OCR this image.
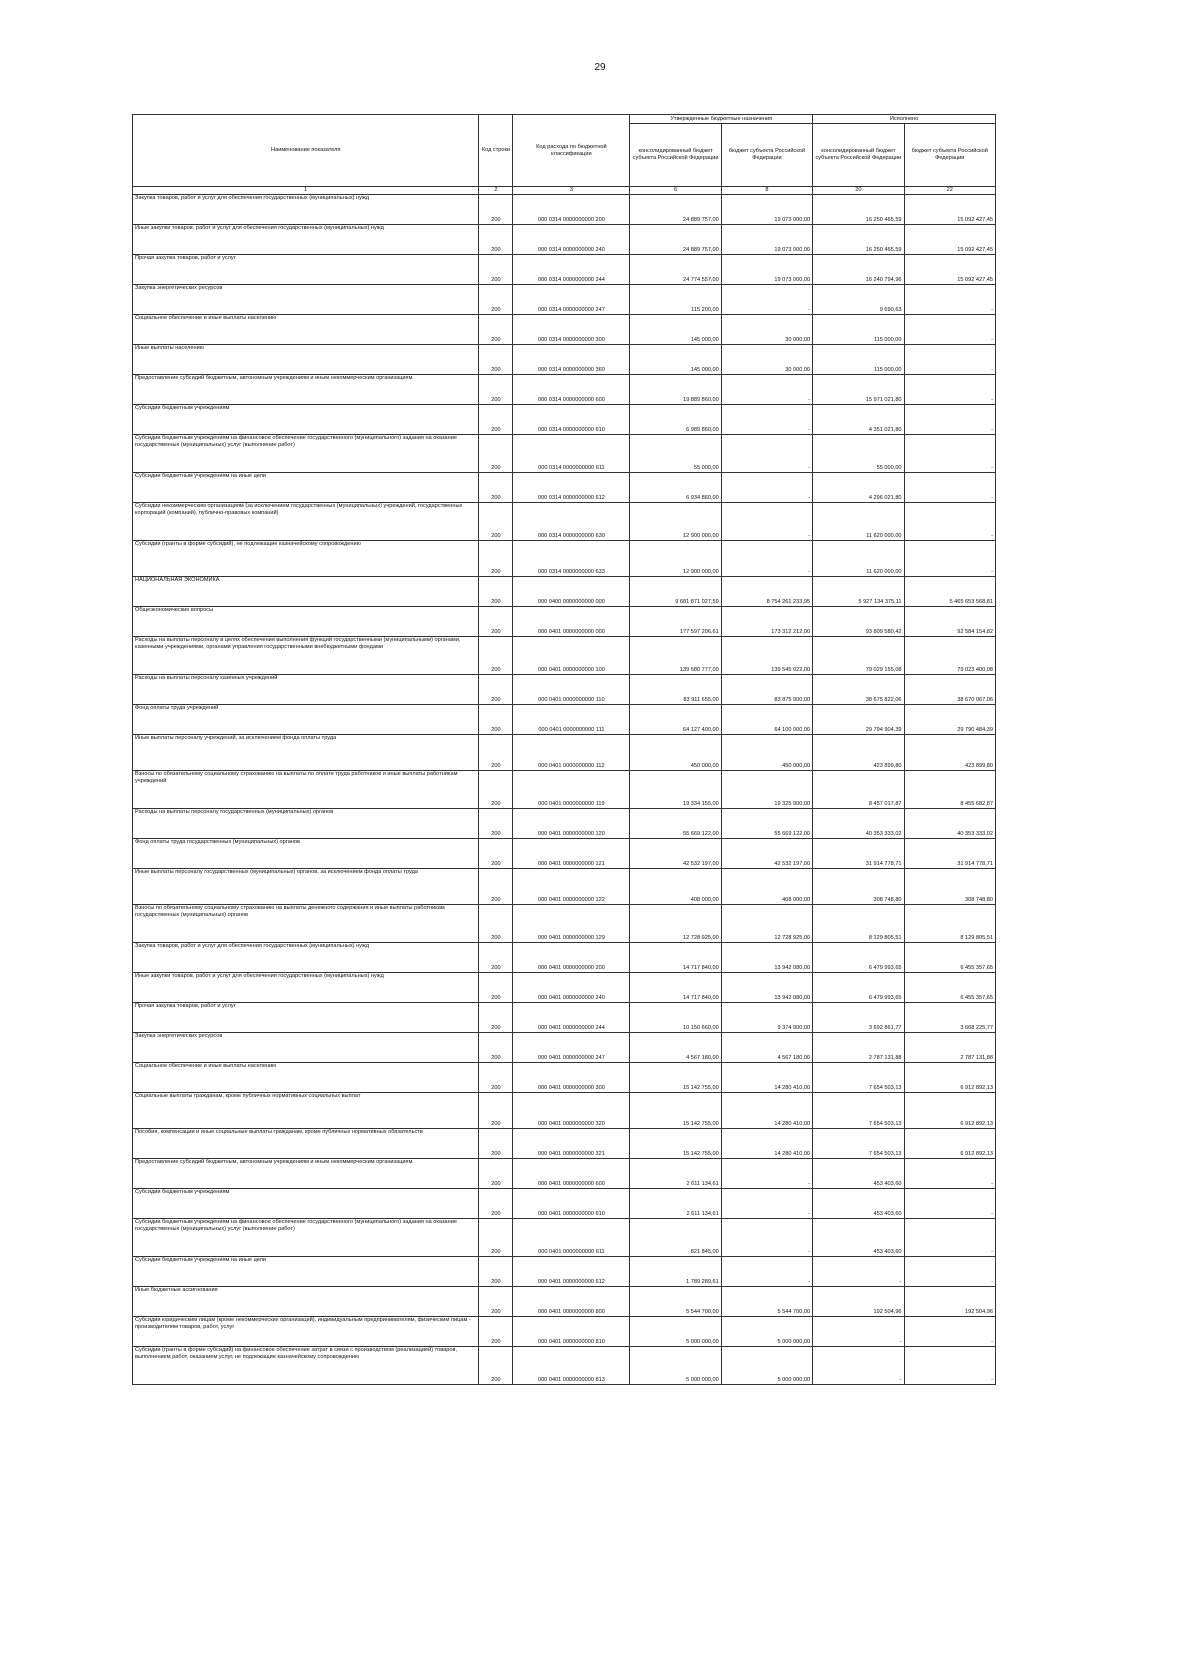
29
Наименование показателя	Код строки	Код расхода по бюджетной классификации	Утвержденные бюджетные назначения		Исполнено	
			консолидированный бюджет субъекта Российской Федерации	бюджет субъекта Российской Федерации	консолидированный бюджет субъекта Российской Федерации	бюджет субъекта Российской Федерации
1	2	3	6	8	20	22
Закупка товаров, работ и услуг для обеспечения государственных (муниципальных) нужд	200	000 0314 0000000000 200	24 889 757,00	19 073 000,00	16 250 465,59	15 092 427,45
Иные закупки товаров, работ и услуг для обеспечения государственных (муниципальных) нужд	200	000 0314 0000000000 240	24 889 757,00	19 073 000,00	16 250 465,59	15 092 427,45
Прочая закупка товаров, работ и услуг	200	000 0314 0000000000 244	24 774 557,00	19 073 000,00	16 240 794,96	15 092 427,45
Закупка энергетических ресурсов	200	000 0314 0000000000 247	115 200,00	-	9 690,63	-
Социальное обеспечение и иные выплаты населению	200	000 0314 0000000000 300	145 000,00	30 000,00	115 000,00	-
Иные выплаты населению	200	000 0314 0000000000 360	145 000,00	30 000,00	115 000,00	-
Предоставление субсидий бюджетным, автономным учреждениям и иным некоммерческим организациям	200	000 0314 0000000000 600	19 889 860,00	-	15 971 021,80	-
Субсидии бюджетным учреждениям	200	000 0314 0000000000 610	6 989 860,00	-	4 351 021,80	-
Субсидии бюджетным учреждениям на финансовое обеспечение государственного (муниципального) задания на оказание государственных (муниципальных) услуг (выполнение работ)	200	000 0314 0000000000 611	55 000,00	-	55 000,00	-
Субсидии бюджетным учреждениям на иные цели	200	000 0314 0000000000 612	6 934 860,00	-	4 296 021,80	-
Субсидии некоммерческим организациям (за исключением государственных (муниципальных) учреждений, государственных корпораций (компаний), публично-правовых компаний)	200	000 0314 0000000000 630	12 900 000,00	-	11 620 000,00	-
Субсидии (гранты в форме субсидий), не подлежащие казначейскому сопровождению	200	000 0314 0000000000 633	12 900 000,00	-	11 620 000,00	-
НАЦИОНАЛЬНАЯ ЭКОНОМИКА	200	000 0400 0000000000 000	9 681 871 027,59	8 754 261 233,95	5 927 134 375,11	5 465 653 568,81
Общеэкономические вопросы	200	000 0401 0000000000 000	177 597 206,61	173 312 212,00	93 809 580,42	92 584 154,82
Расходы на выплаты персоналу в целях обеспечения выполнения функций государственными (муниципальными) органами, казенными учреждениями, органами управления государственными внебюджетными фондами	200	000 0401 0000000000 100	139 580 777,00	139 545 022,00	79 029 155,08	79 023 400,08
Расходы на выплаты персоналу казенных учреждений	200	000 0401 0000000000 110	83 911 655,00	83 875 900,00	38 675 822,06	38 670 067,06
Фонд оплаты труда учреждений	200	000 0401 0000000000 111	64 127 400,00	64 100 000,00	29 794 904,39	29 790 484,39
Иные выплаты персоналу учреждений, за исключением фонда оплаты труда	200	000 0401 0000000000 112	450 000,00	450 000,00	423 899,80	423 899,80
Взносы по обязательному социальному страхованию на выплаты по оплате труда работников и иные выплаты работникам учреждений	200	000 0401 0000000000 119	19 334 155,00	19 325 900,00	8 457 017,87	8 455 682,87
Расходы на выплаты персоналу государственных (муниципальных) органов	200	000 0401 0000000000 120	55 669 122,00	55 669 122,00	40 353 333,02	40 353 333,02
Фонд оплаты труда государственных (муниципальных) органов	200	000 0401 0000000000 121	42 532 197,00	42 532 197,00	31 914 778,71	31 914 778,71
Иные выплаты персоналу государственных (муниципальных) органов, за исключением фонда оплаты труда	200	000 0401 0000000000 122	408 000,00	408 000,00	308 748,80	308 748,80
Взносы по обязательному социальному страхованию на выплаты денежного содержания и иные выплаты работникам государственных (муниципальных) органов	200	000 0401 0000000000 129	12 728 925,00	12 728 925,00	8 129 805,51	8 129 805,51
Закупка товаров, работ и услуг для обеспечения государственных (муниципальных) нужд	200	000 0401 0000000000 200	14 717 840,00	13 942 080,00	6 479 993,65	6 455 357,65
Иные закупки товаров, работ и услуг для обеспечения государственных (муниципальных) нужд	200	000 0401 0000000000 240	14 717 840,00	13 942 080,00	6 479 993,65	6 455 357,65
Прочая закупка товаров, работ и услуг	200	000 0401 0000000000 244	10 150 660,00	9 374 900,00	3 692 861,77	3 668 225,77
Закупка энергетических ресурсов	200	000 0401 0000000000 247	4 567 180,00	4 567 180,00	2 787 131,88	2 787 131,88
Социальное обеспечение и иные выплаты населению	200	000 0401 0000000000 300	15 142 755,00	14 280 410,00	7 654 503,13	6 912 892,13
Социальные выплаты гражданам, кроме публичных нормативных социальных выплат	200	000 0401 0000000000 320	15 142 755,00	14 280 410,00	7 654 503,13	6 912 892,13
Пособия, компенсации и иные социальные выплаты гражданам, кроме публичных нормативных обязательств	200	000 0401 0000000000 321	15 142 755,00	14 280 410,00	7 654 503,13	6 912 892,13
Предоставление субсидий бюджетным, автономным учреждениям и иным некоммерческим организациям	200	000 0401 0000000000 600	2 611 134,61	-	453 403,60	-
Субсидии бюджетным учреждениям	200	000 0401 0000000000 610	2 611 134,61	-	453 403,60	-
Субсидии бюджетным учреждениям на финансовое обеспечение государственного (муниципального) задания на оказание государственных (муниципальных) услуг (выполнение работ)	200	000 0401 0000000000 611	821 845,00	-	453 403,60	-
Субсидии бюджетным учреждениям на иные цели	200	000 0401 0000000000 612	1 789 289,61	-	-	-
Иные бюджетные ассигнования	200	000 0401 0000000000 800	5 544 700,00	5 544 700,00	192 504,96	192 504,96
Субсидии юридическим лицам (кроме некоммерческих организаций), индивидуальным предпринимателям, физическим лицам - производителям товаров, работ, услуг	200	000 0401 0000000000 810	5 000 000,00	5 000 000,00	-	-
Субсидии (гранты в форме субсидий) на финансовое обеспечение затрат в связи с производством (реализацией) товаров, выполнением работ, оказанием услуг, не подлежащие казначейскому сопровождению	200	000 0401 0000000000 813	5 000 000,00	5 000 000,00	-	-
